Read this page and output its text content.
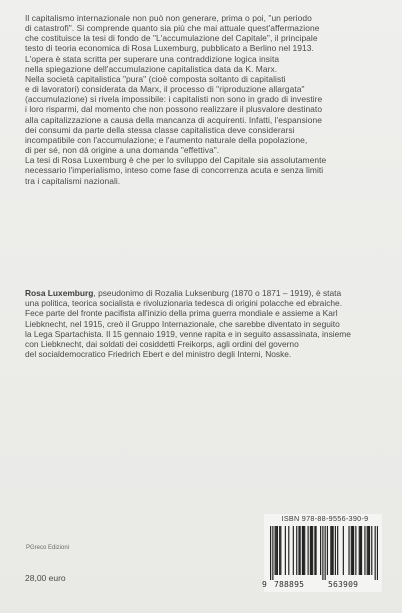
Il capitalismo internazionale non può non generare, prima o poi, "un periodo
di catastrofi". Si comprende quanto sia più che mai attuale quest'affermazione
che costituisce la tesi di fondo de "L'accumulazione del Capitale", il principale
testo di teoria economica di Rosa Luxemburg, pubblicato a Berlino nel 1913.
L'opera è stata scritta per superare una contraddizione logica insita
nella spiegazione dell'accumulazione capitalistica data da K. Marx.
Nella società capitalistica "pura" (cioè composta soltanto di capitalisti
e di lavoratori) considerata da Marx, il processo di "riproduzione allargata"
(accumulazione) si rivela impossibile: i capitalisti non sono in grado di investire
i loro risparmi, dal momento che non possono realizzare il plusvalore destinato
alla capitalizzazione a causa della mancanza di acquirenti. Infatti, l'espansione
dei consumi da parte della stessa classe capitalistica deve considerarsi
incompatibile con l'accumulazione; e l'aumento naturale della popolazione,
di per sé, non dà origine a una domanda "effettiva".
La tesi di Rosa Luxemburg è che per lo sviluppo del Capitale sia assolutamente
necessario l'imperialismo, inteso come fase di concorrenza acuta e senza limiti
tra i capitalismi nazionali.
Rosa Luxemburg, pseudonimo di Rozalia Luksenburg (1870 o 1871 – 1919), è stata
una politica, teorica socialista e rivoluzionaria tedesca di origini polacche ed ebraiche.
Fece parte del fronte pacifista all'inizio della prima guerra mondiale e assieme a Karl
Liebknecht, nel 1915, creò il Gruppo Internazionale, che sarebbe diventato in seguito
la Lega Spartachista. Il 15 gennaio 1919, venne rapita e in seguito assassinata, insieme
con Liebknecht, dai soldati dei cosiddetti Freikorps, agli ordini del governo
del socialdemocratico Friedrich Ebert e del ministro degli Interni, Noske.
PGreco Edizioni
28,00 euro
ISBN 978-88-9556-390-9
9 788895	563909
